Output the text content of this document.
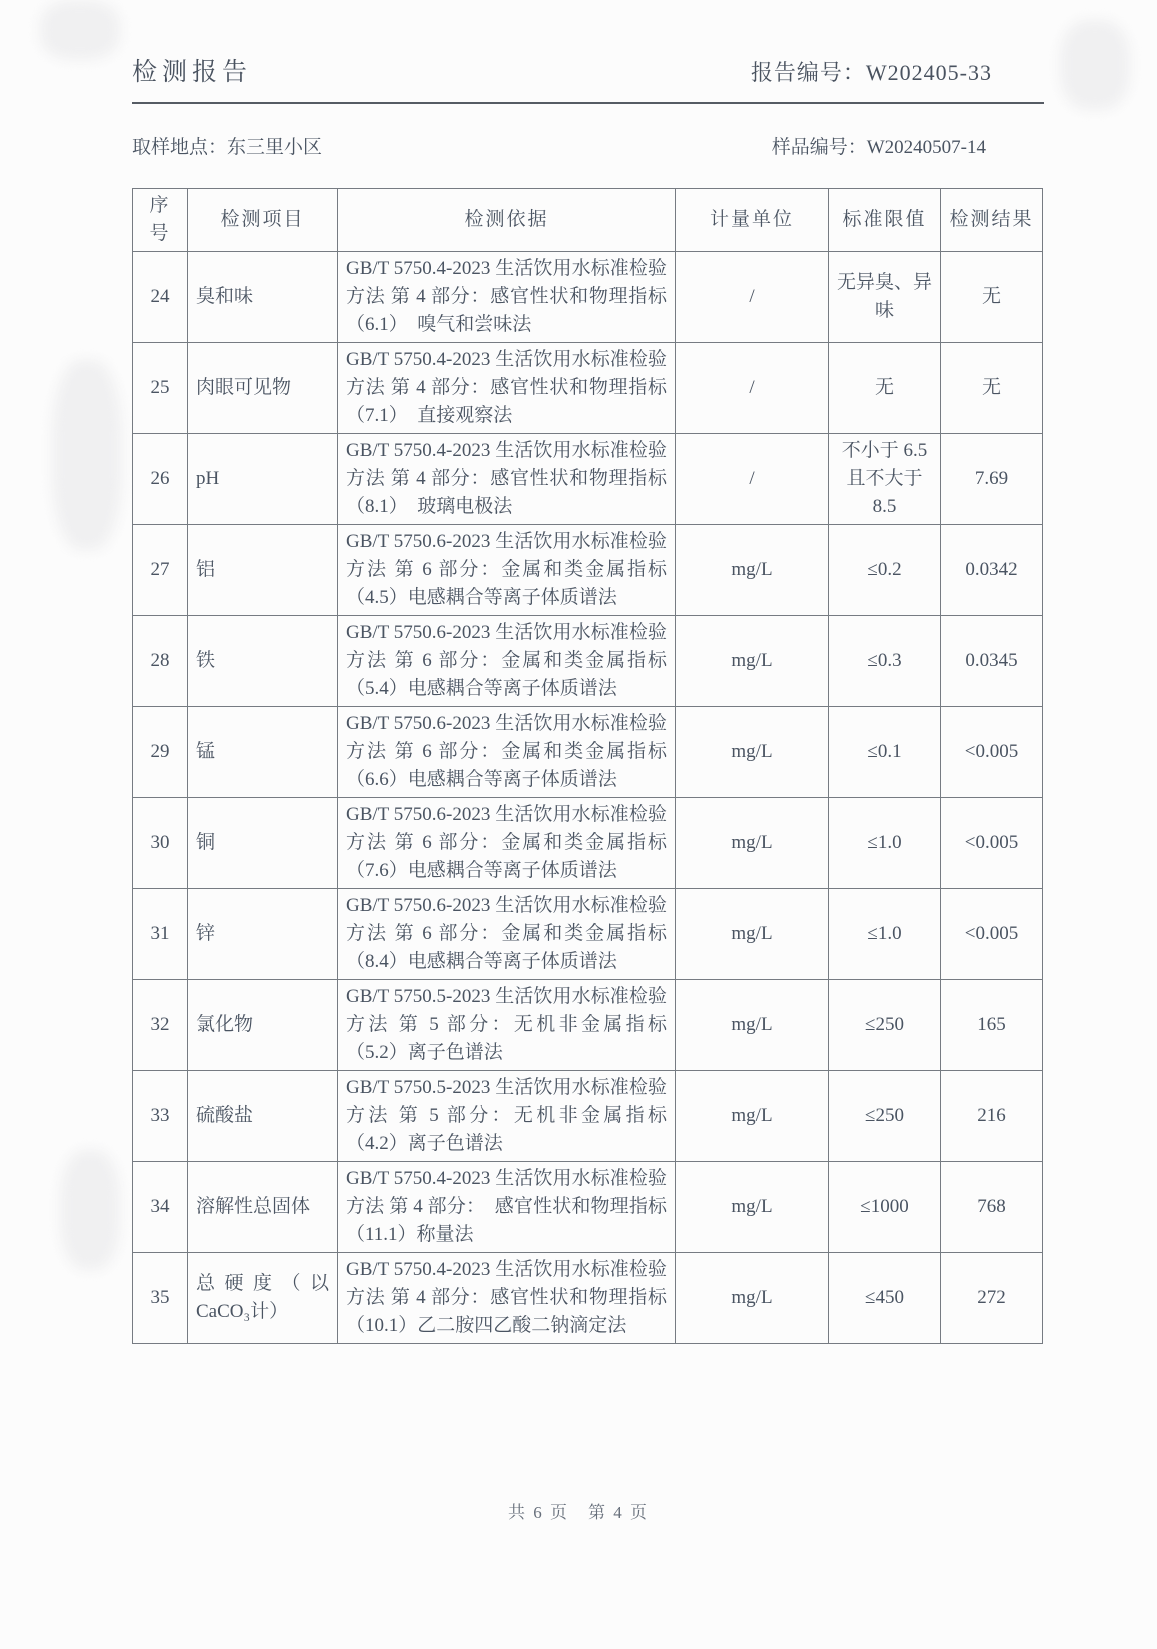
检测报告	报告编号：W202405-33
取样地点：东三里小区	样品编号：W20240507-14
序号	检测项目	检测依据	计量单位	标准限值	检测结果
24	臭和味	GB/T 5750.4-2023 生活饮用水标准检验方法 第 4 部分：感官性状和物理指标（6.1）　嗅气和尝味法	/	无异臭、异味	无
25	肉眼可见物	GB/T 5750.4-2023 生活饮用水标准检验方法 第 4 部分：感官性状和物理指标（7.1）　直接观察法	/	无	无
26	pH	GB/T 5750.4-2023 生活饮用水标准检验方法 第 4 部分：感官性状和物理指标（8.1）　玻璃电极法	/	不小于 6.5 且不大于 8.5	7.69
27	铝	GB/T 5750.6-2023 生活饮用水标准检验方法 第 6 部分：金属和类金属指标（4.5）电感耦合等离子体质谱法	mg/L	≤0.2	0.0342
28	铁	GB/T 5750.6-2023 生活饮用水标准检验方法 第 6 部分：金属和类金属指标（5.4）电感耦合等离子体质谱法	mg/L	≤0.3	0.0345
29	锰	GB/T 5750.6-2023 生活饮用水标准检验方法 第 6 部分：金属和类金属指标（6.6）电感耦合等离子体质谱法	mg/L	≤0.1	<0.005
30	铜	GB/T 5750.6-2023 生活饮用水标准检验方法 第 6 部分：金属和类金属指标（7.6）电感耦合等离子体质谱法	mg/L	≤1.0	<0.005
31	锌	GB/T 5750.6-2023 生活饮用水标准检验方法 第 6 部分：金属和类金属指标（8.4）电感耦合等离子体质谱法	mg/L	≤1.0	<0.005
32	氯化物	GB/T 5750.5-2023 生活饮用水标准检验方法 第 5 部分：无机非金属指标（5.2）离子色谱法	mg/L	≤250	165
33	硫酸盐	GB/T 5750.5-2023 生活饮用水标准检验方法 第 5 部分：无机非金属指标（4.2）离子色谱法	mg/L	≤250	216
34	溶解性总固体	GB/T 5750.4-2023 生活饮用水标准检验方法 第 4 部分：　感官性状和物理指标（11.1）称量法	mg/L	≤1000	768
35	总硬度（以CaCO₃计）	GB/T 5750.4-2023 生活饮用水标准检验方法 第 4 部分：感官性状和物理指标 （10.1）乙二胺四乙酸二钠滴定法	mg/L	≤450	272
共 6 页　第 4 页
